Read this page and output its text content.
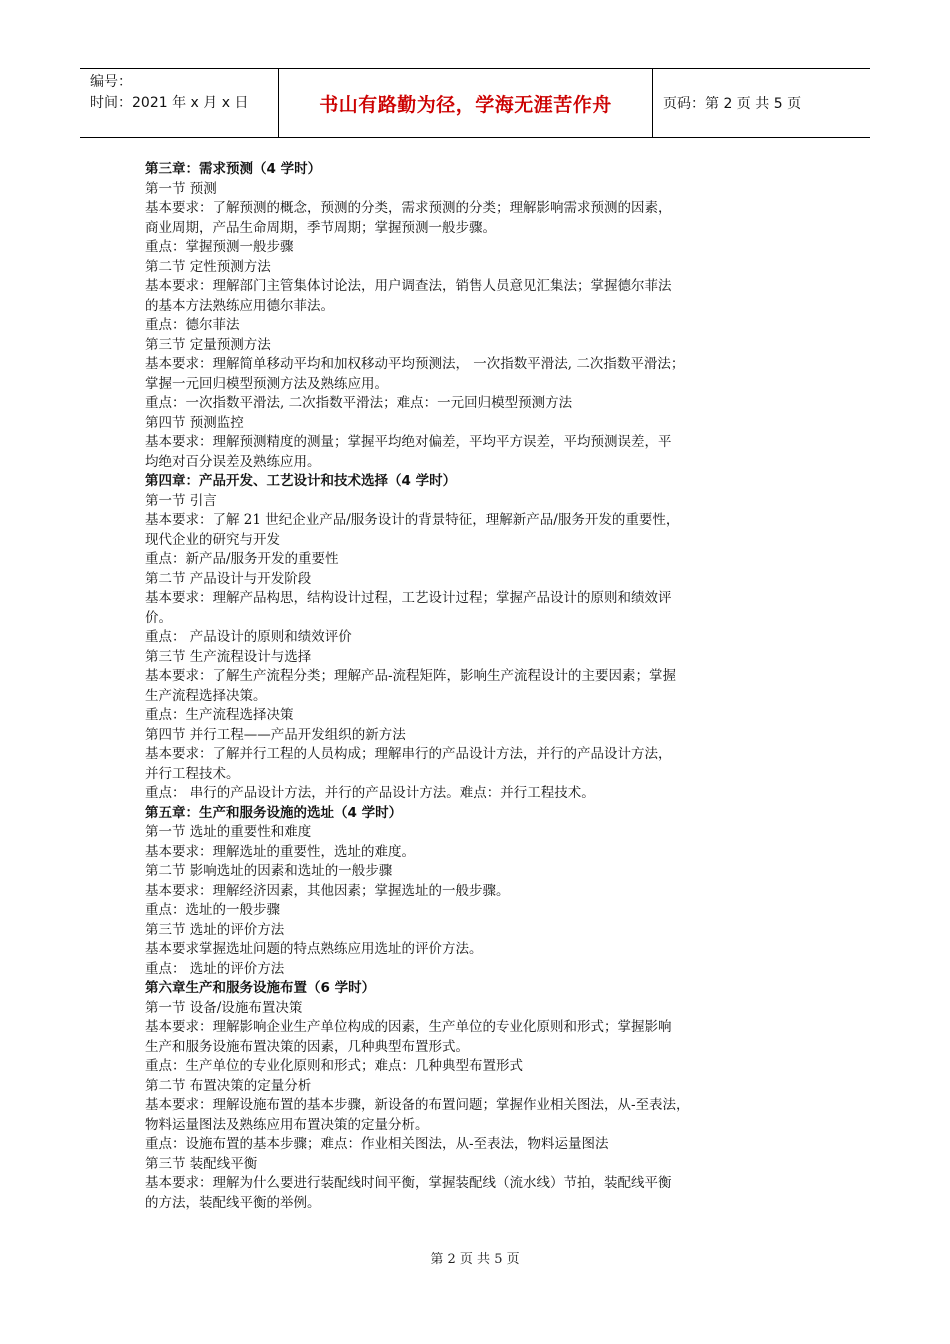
编号：
时间：2021 年 x 月 x 日	书山有路勤为径，学海无涯苦作舟	页码：第 2 页 共 5 页
第三章：需求预测（4 学时）
第一节 预测
基本要求：了解预测的概念，预测的分类，需求预测的分类；理解影响需求预测的因素，
商业周期，产品生命周期，季节周期；掌握预测一般步骤。
重点：掌握预测一般步骤
第二节 定性预测方法
基本要求：理解部门主管集体讨论法，用户调查法，销售人员意见汇集法；掌握德尔菲法
的基本方法熟练应用德尔菲法。
重点：德尔菲法
第三节 定量预测方法
基本要求：理解简单移动平均和加权移动平均预测法， 一次指数平滑法, 二次指数平滑法；
掌握一元回归模型预测方法及熟练应用。
重点：一次指数平滑法, 二次指数平滑法；难点：一元回归模型预测方法
第四节 预测监控
基本要求：理解预测精度的测量；掌握平均绝对偏差，平均平方误差，平均预测误差，平
均绝对百分误差及熟练应用。
第四章：产品开发、工艺设计和技术选择（4 学时）
第一节 引言
基本要求：了解 21 世纪企业产品/服务设计的背景特征，理解新产品/服务开发的重要性，
现代企业的研究与开发
重点：新产品/服务开发的重要性
第二节 产品设计与开发阶段
基本要求：理解产品构思，结构设计过程，工艺设计过程；掌握产品设计的原则和绩效评
价。
重点： 产品设计的原则和绩效评价
第三节 生产流程设计与选择
基本要求：了解生产流程分类；理解产品-流程矩阵，影响生产流程设计的主要因素；掌握
生产流程选择决策。
重点：生产流程选择决策
第四节 并行工程——产品开发组织的新方法
基本要求：了解并行工程的人员构成；理解串行的产品设计方法，并行的产品设计方法，
并行工程技术。
重点： 串行的产品设计方法，并行的产品设计方法。难点：并行工程技术。
第五章：生产和服务设施的选址（4 学时）
第一节 选址的重要性和难度
基本要求：理解选址的重要性，选址的难度。
第二节 影响选址的因素和选址的一般步骤
基本要求：理解经济因素，其他因素；掌握选址的一般步骤。
重点：选址的一般步骤
第三节 选址的评价方法
基本要求掌握选址问题的特点熟练应用选址的评价方法。
重点： 选址的评价方法
第六章生产和服务设施布置（6 学时）
第一节 设备/设施布置决策
基本要求：理解影响企业生产单位构成的因素，生产单位的专业化原则和形式；掌握影响
生产和服务设施布置决策的因素，几种典型布置形式。
重点：生产单位的专业化原则和形式；难点：几种典型布置形式
第二节 布置决策的定量分析
基本要求：理解设施布置的基本步骤，新设备的布置问题；掌握作业相关图法，从-至表法，
物料运量图法及熟练应用布置决策的定量分析。
重点：设施布置的基本步骤；难点：作业相关图法，从-至表法，物料运量图法
第三节 装配线平衡
基本要求：理解为什么要进行装配线时间平衡，掌握装配线（流水线）节拍，装配线平衡
的方法，装配线平衡的举例。
第 2 页 共 5 页
